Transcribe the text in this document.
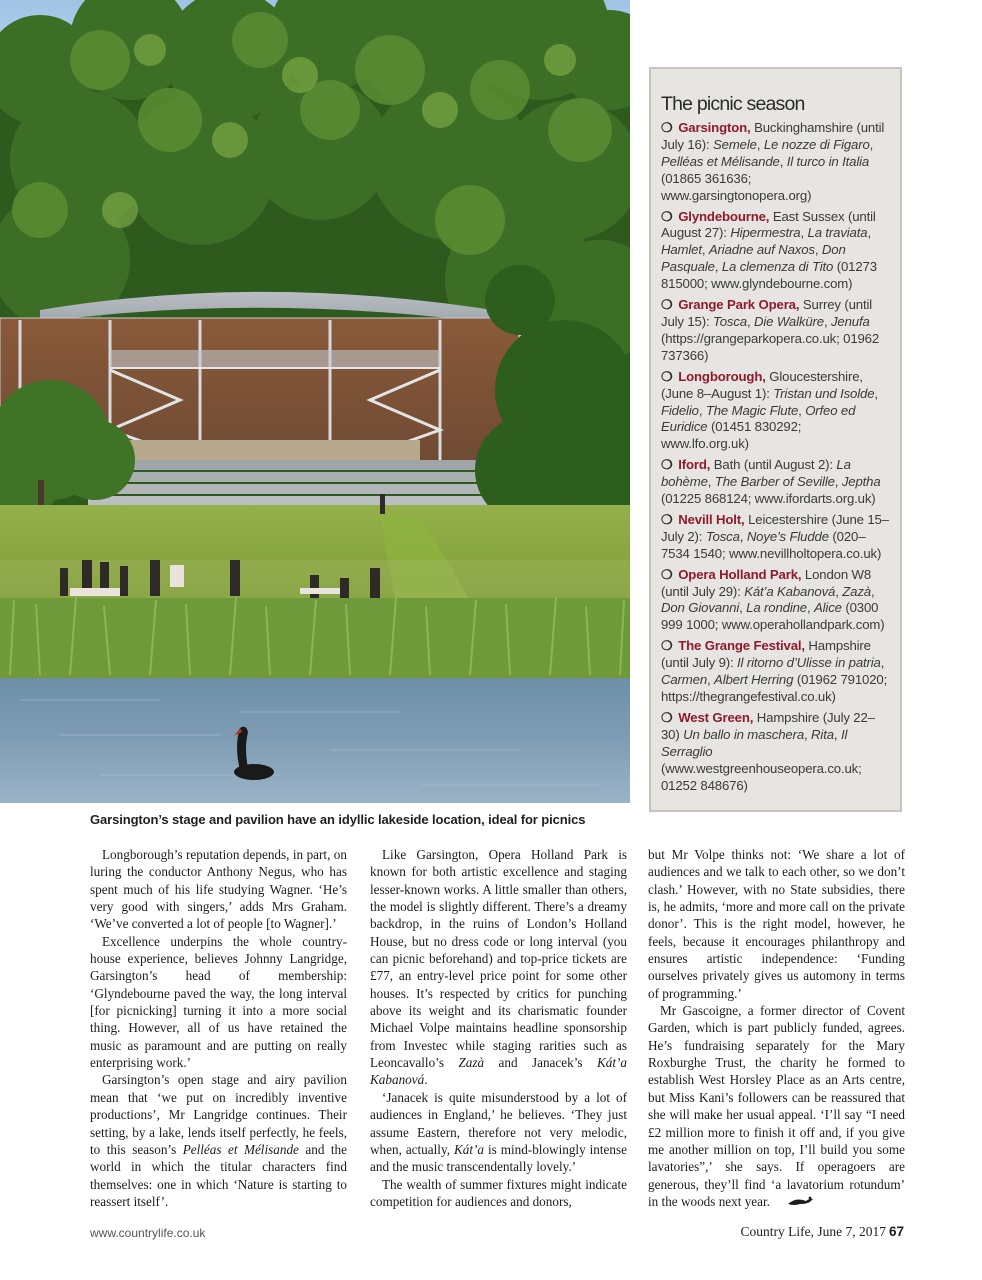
The picnic season

❍ Garsington, Buckinghamshire (until July 16): Semele, Le nozze di Figaro, Pelléas et Mélisande, Il turco in Italia (01865 361636; www.garsingtonopera.org)

❍ Glyndebourne, East Sussex (until August 27): Hipermestra, La traviata, Hamlet, Ariadne auf Naxos, Don Pasquale, La clemenza di Tito (01273 815000; www.glyndebourne.com)

❍ Grange Park Opera, Surrey (until July 15): Tosca, Die Walküre, Jenufa (https://grangeparkopera.co.uk; 01962 737366)

❍ Longborough, Gloucestershire, (June 8–August 1): Tristan und Isolde, Fidelio, The Magic Flute, Orfeo ed Euridice (01451 830292; www.lfo.org.uk)

❍ Iford, Bath (until August 2): La bohème, The Barber of Seville, Jeptha (01225 868124; www.ifordarts.org.uk)

❍ Nevill Holt, Leicestershire (June 15–July 2): Tosca, Noye’s Fludde (020–7534 1540; www.nevillholtopera.co.uk)

❍ Opera Holland Park, London W8 (until July 29): Kát’a Kabanová, Zazà, Don Giovanni, La rondine, Alice (0300 999 1000; www.operahollandpark.com)

❍ The Grange Festival, Hampshire (until July 9): Il ritorno d’Ulisse in patria, Carmen, Albert Herring (01962 791020; https://thegrangefestival.co.uk)

❍ West Green, Hampshire (July 22–30) Un ballo in maschera, Rita, Il Serraglio (www.westgreenhouseopera.co.uk; 01252 848676)

Garsington’s stage and pavilion have an idyllic lakeside location, ideal for picnics

Longborough’s reputation depends, in part, on luring the conductor Anthony Negus, who has spent much of his life studying Wagner. ‘He’s very good with singers,’ adds Mrs Graham. ‘We’ve converted a lot of people [to Wagner].’

Excellence underpins the whole country-house experience, believes Johnny Langridge, Garsington’s head of membership: ‘Glyndebourne paved the way, the long interval [for picnicking] turning it into a more social thing. However, all of us have retained the music as paramount and are putting on really enterprising work.’

Garsington’s open stage and airy pavilion mean that ‘we put on incredibly inventive productions’, Mr Langridge continues. Their setting, by a lake, lends itself perfectly, he feels, to this season’s Pelléas et Mélisande and the world in which the titular characters find themselves: one in which ‘Nature is starting to reassert itself’.

Like Garsington, Opera Holland Park is known for both artistic excellence and staging lesser-known works. A little smaller than others, the model is slightly different. There’s a dreamy backdrop, in the ruins of London’s Holland House, but no dress code or long interval (you can picnic beforehand) and top-price tickets are £77, an entry-level price point for some other houses. It’s respected by critics for punching above its weight and its charismatic founder Michael Volpe maintains headline sponsorship from Investec while staging rarities such as Leoncavallo’s Zazà and Janacek’s Kát’a Kabanová.

‘Janacek is quite misunderstood by a lot of audiences in England,’ he believes. ‘They just assume Eastern, therefore not very melodic, when, actually, Kát’a is mind-blowingly intense and the music transcendentally lovely.’

The wealth of summer fixtures might indicate competition for audiences and donors,

but Mr Volpe thinks not: ‘We share a lot of audiences and we talk to each other, so we don’t clash.’ However, with no State subsidies, there is, he admits, ‘more and more call on the private donor’. This is the right model, however, he feels, because it encourages philanthropy and ensures artistic independence: ‘Funding ourselves privately gives us automony in terms of programming.’

Mr Gascoigne, a former director of Covent Garden, which is part publicly funded, agrees. He’s fundraising separately for the Mary Roxburghe Trust, the charity he formed to establish West Horsley Place as an Arts centre, but Miss Kani’s followers can be reassured that she will make her usual appeal. ‘I’ll say “I need £2 million more to finish it off and, if you give me another million on top, I’ll build you some lavatories”,’ she says. If operagoers are generous, they’ll find ‘a lavatorium rotundum’ in the woods next year.

www.countrylife.co.uk	Country Life, June 7, 2017 67
